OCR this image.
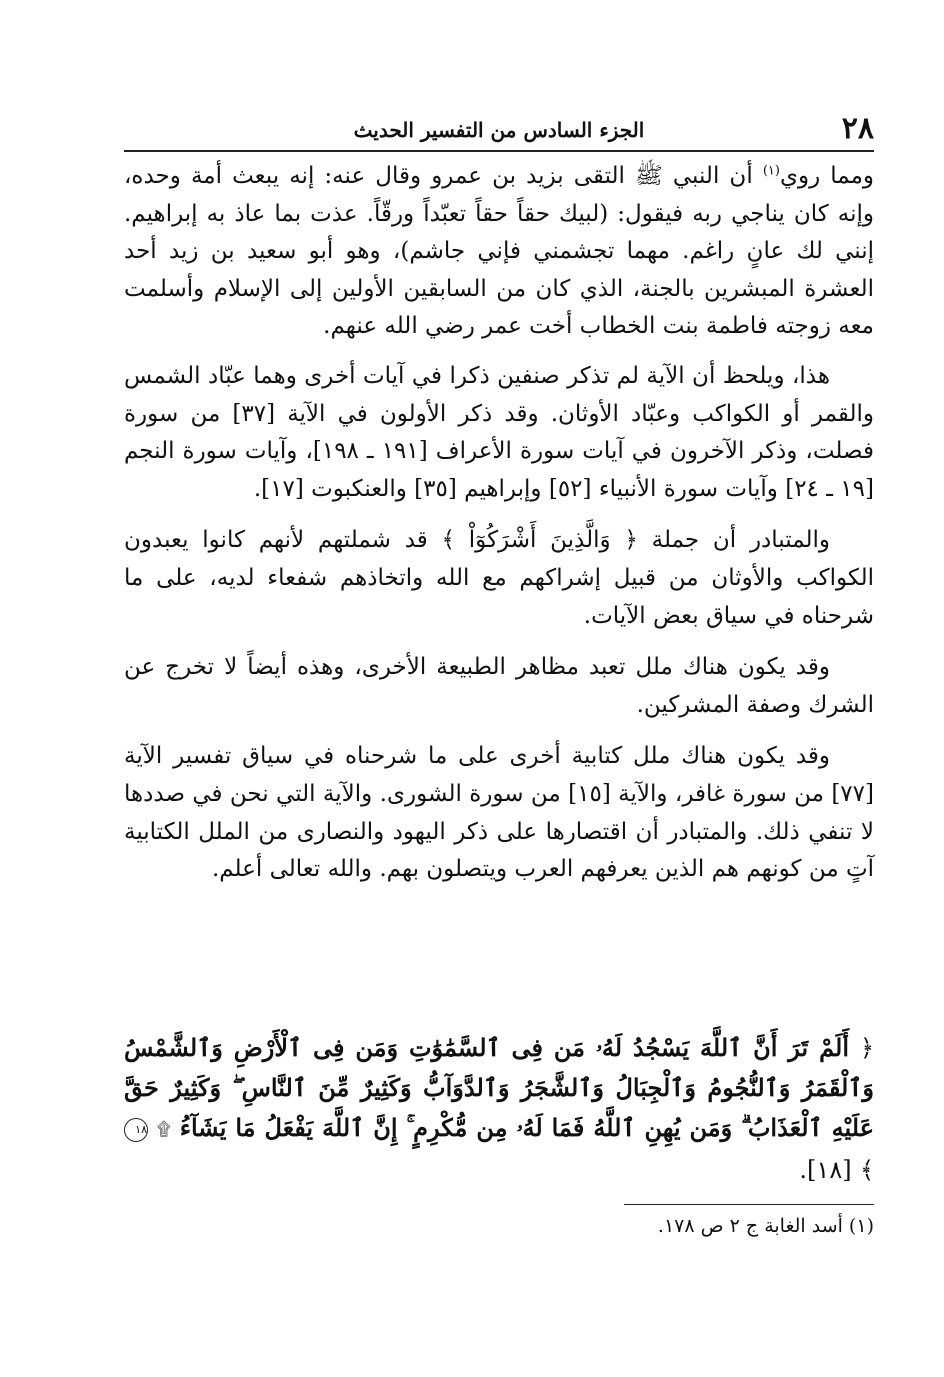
٢٨
الجزء السادس من التفسير الحديث

ومما روي$^{(١)}$ أن النبي ﷺ التقى بزيد بن عمرو وقال عنه: إنه يبعث أمة وحده، وإنه كان يناجي ربه فيقول: (لبيك حقاً حقاً تعبّداً ورقّاً. عذت بما عاذ به إبراهيم. إنني لك عانٍ راغم. مهما تجشمني فإني جاشم)، وهو أبو سعيد بن زيد أحد العشرة المبشرين بالجنة، الذي كان من السابقين الأولين إلى الإسلام وأسلمت معه زوجته فاطمة بنت الخطاب أخت عمر رضي الله عنهم.

هذا، ويلحظ أن الآية لم تذكر صنفين ذكرا في آيات أخرى وهما عبّاد الشمس والقمر أو الكواكب وعبّاد الأوثان. وقد ذكر الأولون في الآية [٣٧] من سورة فصلت، وذكر الآخرون في آيات سورة الأعراف [١٩١ ـ ١٩٨]، وآيات سورة النجم [١٩ ـ ٢٤] وآيات سورة الأنبياء [٥٢] وإبراهيم [٣٥] والعنكبوت [١٧].

والمتبادر أن جملة ﴿ وَالَّذِينَ أَشْرَكُوٓاْ ﴾ قد شملتهم لأنهم كانوا يعبدون الكواكب والأوثان من قبيل إشراكهم مع الله واتخاذهم شفعاء لديه، على ما شرحناه في سياق بعض الآيات.

وقد يكون هناك ملل تعبد مظاهر الطبيعة الأخرى، وهذه أيضاً لا تخرج عن الشرك وصفة المشركين.

وقد يكون هناك ملل كتابية أخرى على ما شرحناه في سياق تفسير الآية [٧٧] من سورة غافر، والآية [١٥] من سورة الشورى. والآية التي نحن في صددها لا تنفي ذلك. والمتبادر أن اقتصارها على ذكر اليهود والنصارى من الملل الكتابية آتٍ من كونهم هم الذين يعرفهم العرب ويتصلون بهم. والله تعالى أعلم.

﴿ أَلَمْ تَرَ أَنَّ ٱللَّهَ يَسْجُدُ لَهُۥ مَن فِى ٱلسَّمَٰوَٰتِ وَمَن فِى ٱلْأَرْضِ وَٱلشَّمْسُ وَٱلْقَمَرُ وَٱلنُّجُومُ وَٱلْجِبَالُ وَٱلشَّجَرُ وَٱلدَّوَآبُّ وَكَثِيرٌ مِّنَ ٱلنَّاسِ ۖ وَكَثِيرٌ حَقَّ عَلَيْهِ ٱلْعَذَابُ ۗ وَمَن يُهِنِ ٱللَّهُ فَمَا لَهُۥ مِن مُّكْرِمٍ ۚ إِنَّ ٱللَّهَ يَفْعَلُ مَا يَشَآءُ ۩ ١٨ ﴾ [١٨].
(١) أسد الغابة ج ٢ ص ١٧٨.
